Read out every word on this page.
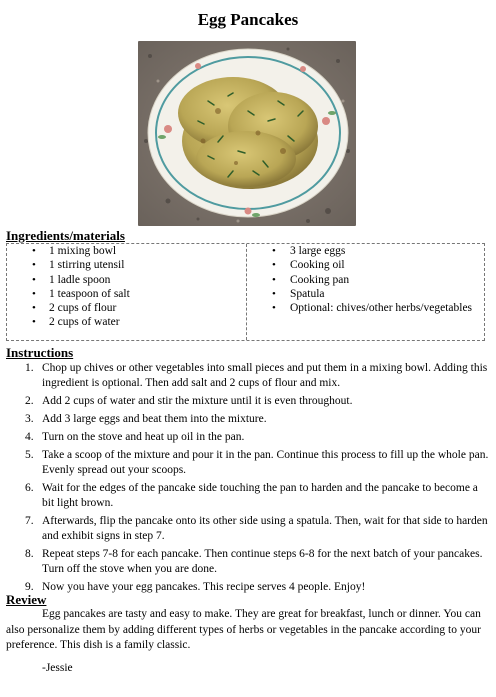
Egg Pancakes
Ingredients/materials
• 1 mixing bowl
• 1 stirring utensil
• 1 ladle spoon
• 1 teaspoon of salt
• 2 cups of flour
• 2 cups of water
• 3 large eggs
• Cooking oil
• Cooking pan
• Spatula
• Optional: chives/other herbs/vegetables
Instructions
1. Chop up chives or other vegetables into small pieces and put them in a mixing bowl. Adding this ingredient is optional. Then add salt and 2 cups of flour and mix.
2. Add 2 cups of water and stir the mixture until it is even throughout.
3. Add 3 large eggs and beat them into the mixture.
4. Turn on the stove and heat up oil in the pan.
5. Take a scoop of the mixture and pour it in the pan. Continue this process to fill up the whole pan. Evenly spread out your scoops.
6. Wait for the edges of the pancake side touching the pan to harden and the pancake to become a bit light brown.
7. Afterwards, flip the pancake onto its other side using a spatula. Then, wait for that side to harden and exhibit signs in step 7.
8. Repeat steps 7-8 for each pancake. Then continue steps 6-8 for the next batch of your pancakes. Turn off the stove when you are done.
9. Now you have your egg pancakes. This recipe serves 4 people. Enjoy!
Review

Egg pancakes are tasty and easy to make. They are great for breakfast, lunch or dinner. You can also personalize them by adding different types of herbs or vegetables in the pancake according to your preference. This dish is a family classic.

-Jessie
